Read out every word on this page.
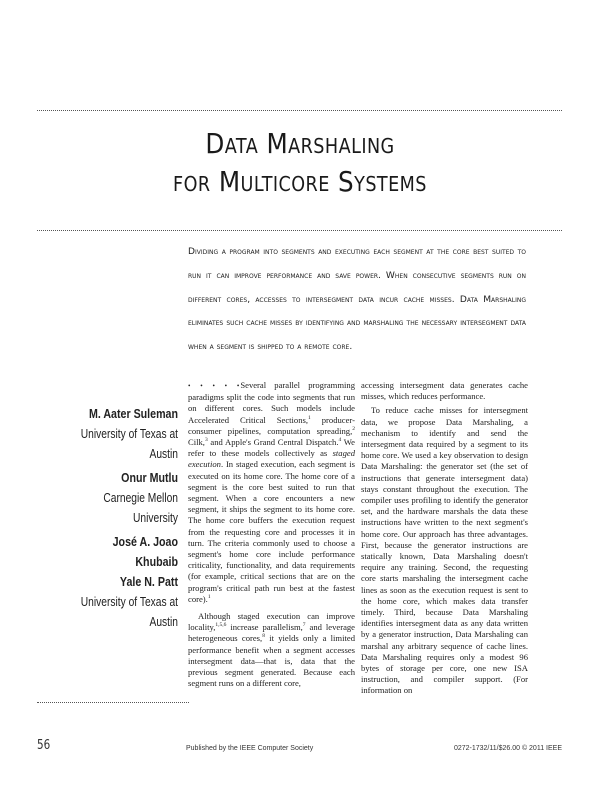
Data Marshaling
for Multicore Systems
Dividing a program into segments and executing each segment at the core best suited to run it can improve performance and save power. When consecutive segments run on different cores, accesses to intersegment data incur cache misses. Data Marshaling eliminates such cache misses by identifying and marshaling the necessary intersegment data when a segment is shipped to a remote core.
M. Aater Suleman
University of Texas at Austin
Onur Mutlu
Carnegie Mellon University
José A. Joao
Khubaib
Yale N. Patt
University of Texas at Austin

• • • • •Several parallel programming paradigms split the code into segments that run on different cores. Such models include Accelerated Critical Sections,$^1$ producer-consumer pipelines, computation spreading,$^2$ Cilk,$^3$ and Apple's Grand Central Dispatch.$^4$ We refer to these models collectively as staged execution. In staged execution, each segment is executed on its home core. The home core of a segment is the core best suited to run that segment. When a core encounters a new segment, it ships the segment to its home core. The home core buffers the execution request from the requesting core and processes it in turn. The criteria commonly used to choose a segment's home core include performance criticality, functionality, and data requirements (for example, critical sections that are on the program's critical path run best at the fastest core).$^1$

Although staged execution can improve locality,$^{1,5,6}$ increase parallelism,$^7$ and leverage heterogeneous cores,$^8$ it yields only a limited performance benefit when a segment accesses intersegment data—that is, data that the previous segment generated. Because each segment runs on a different core,

accessing intersegment data generates cache misses, which reduces performance.

To reduce cache misses for intersegment data, we propose Data Marshaling, a mechanism to identify and send the intersegment data required by a segment to its home core. We used a key observation to design Data Marshaling: the generator set (the set of instructions that generate intersegment data) stays constant throughout the execution. The compiler uses profiling to identify the generator set, and the hardware marshals the data these instructions have written to the next segment's home core. Our approach has three advantages. First, because the generator instructions are statically known, Data Marshaling doesn't require any training. Second, the requesting core starts marshaling the intersegment cache lines as soon as the execution request is sent to the home core, which makes data transfer timely. Third, because Data Marshaling identifies intersegment data as any data written by a generator instruction, Data Marshaling can marshal any arbitrary sequence of cache lines. Data Marshaling requires only a modest 96 bytes of storage per core, one new ISA instruction, and compiler support. (For information on

56	Published by the IEEE Computer Society	0272-1732/11/$26.00 © 2011 IEEE
